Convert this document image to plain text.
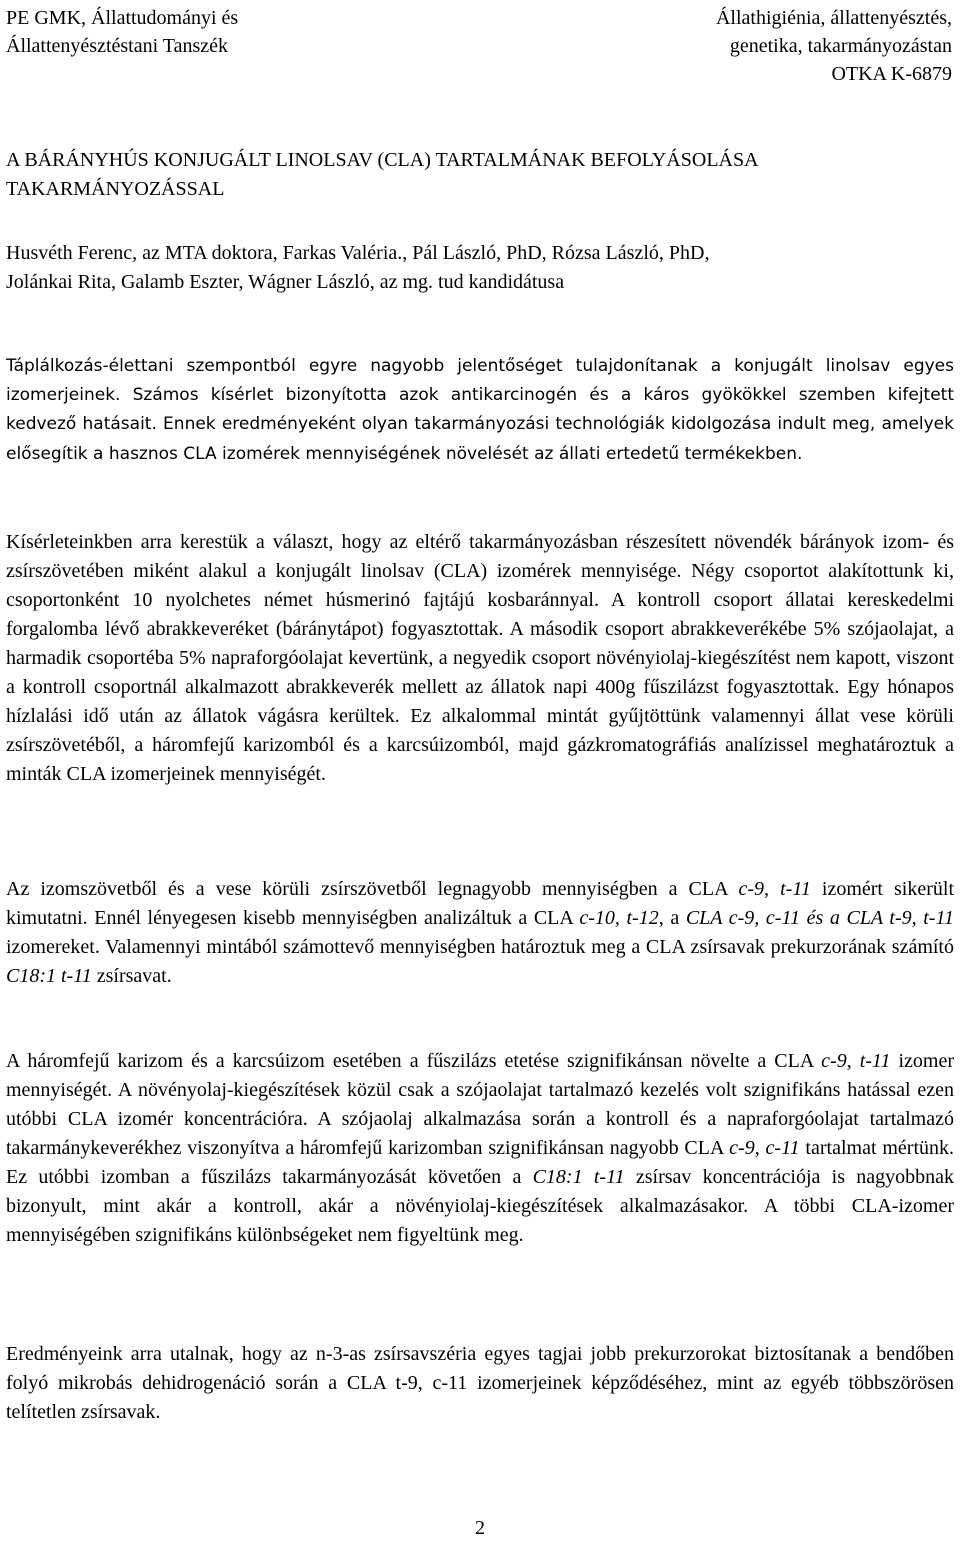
PE GMK, Állattudományi és
Állattenyésztéstani Tanszék
Állathigiénia, állattenyésztés,
genetika, takarmányozástan
OTKA K-6879
A BÁRÁNYHÚS KONJUGÁLT LINOLSAV (CLA) TARTALMÁNAK BEFOLYÁSOLÁSA
TAKARMÁNYOZÁSSAL
Husvéth Ferenc, az MTA doktora, Farkas Valéria., Pál László, PhD, Rózsa László, PhD,
Jolánkai Rita, Galamb Eszter, Wágner László, az mg. tud kandidátusa

Táplálkozás-élettani szempontból egyre nagyobb jelentőséget tulajdonítanak a konjugált linolsav egyes izomerjeinek. Számos kísérlet bizonyította azok antikarcinogén és a káros gyökökkel szemben kifejtett kedvező hatásait. Ennek eredményeként olyan takarmányozási technológiák kidolgozása indult meg, amelyek elősegítik a hasznos CLA izomérek mennyiségének növelését az állati ertedetű termékekben.

Kísérleteinkben arra kerestük a választ, hogy az eltérő takarmányozásban részesített növendék bárányok izom- és zsírszövetében miként alakul a konjugált linolsav (CLA) izomérek mennyisége. Négy csoportot alakítottunk ki, csoportonként 10 nyolchetes német húsmerinó fajtájú kosbaránnyal. A kontroll csoport állatai kereskedelmi forgalomba lévő abrakkeveréket (báránytápot) fogyasztottak. A második csoport abrakkeverékébe 5% szójaolajat, a harmadik csoportéba 5% napraforgóolajat kevertünk, a negyedik csoport növényiolaj-kiegészítést nem kapott, viszont a kontroll csoportnál alkalmazott abrakkeverék mellett az állatok napi 400g fűszilázst fogyasztottak. Egy hónapos hízlalási idő után az állatok vágásra kerültek. Ez alkalommal mintát gyűjtöttünk valamennyi állat vese körüli zsírszövetéből, a háromfejű karizomból és a karcsúizomból, majd gázkromatográfiás analízissel meghatároztuk a minták CLA izomerjeinek mennyiségét.

Az izomszövetből és a vese körüli zsírszövetből legnagyobb mennyiségben a CLA c-9, t-11 izomért sikerült kimutatni. Ennél lényegesen kisebb mennyiségben analizáltuk a CLA c-10, t-12, a CLA c-9, c-11 és a CLA t-9, t-11 izomereket. Valamennyi mintából számottevő mennyiségben határoztuk meg a CLA zsírsavak prekurzorának számító C18:1 t-11 zsírsavat.

A háromfejű karizom és a karcsúizom esetében a fűszilázs etetése szignifikánsan növelte a CLA c-9, t-11 izomer mennyiségét. A növényolaj-kiegészítések közül csak a szójaolajat tartalmazó kezelés volt szignifikáns hatással ezen utóbbi CLA izomér koncentrációra. A szójaolaj alkalmazása során a kontroll és a napraforgóolajat tartalmazó takarmánykeverékhez viszonyítva a háromfejű karizomban szignifikánsan nagyobb CLA c-9, c-11 tartalmat mértünk. Ez utóbbi izomban a fűszilázs takarmányozását követően a C18:1 t-11 zsírsav koncentrációja is nagyobbnak bizonyult, mint akár a kontroll, akár a növényiolaj-kiegészítések alkalmazásakor. A többi CLA-izomer mennyiségében szignifikáns különbségeket nem figyeltünk meg.

Eredményeink arra utalnak, hogy az n-3-as zsírsavszéria egyes tagjai jobb prekurzorokat biztosítanak a bendőben folyó mikrobás dehidrogenáció során a CLA t-9, c-11 izomerjeinek képződéséhez, mint az egyéb többszörösen telítetlen zsírsavak.

2
